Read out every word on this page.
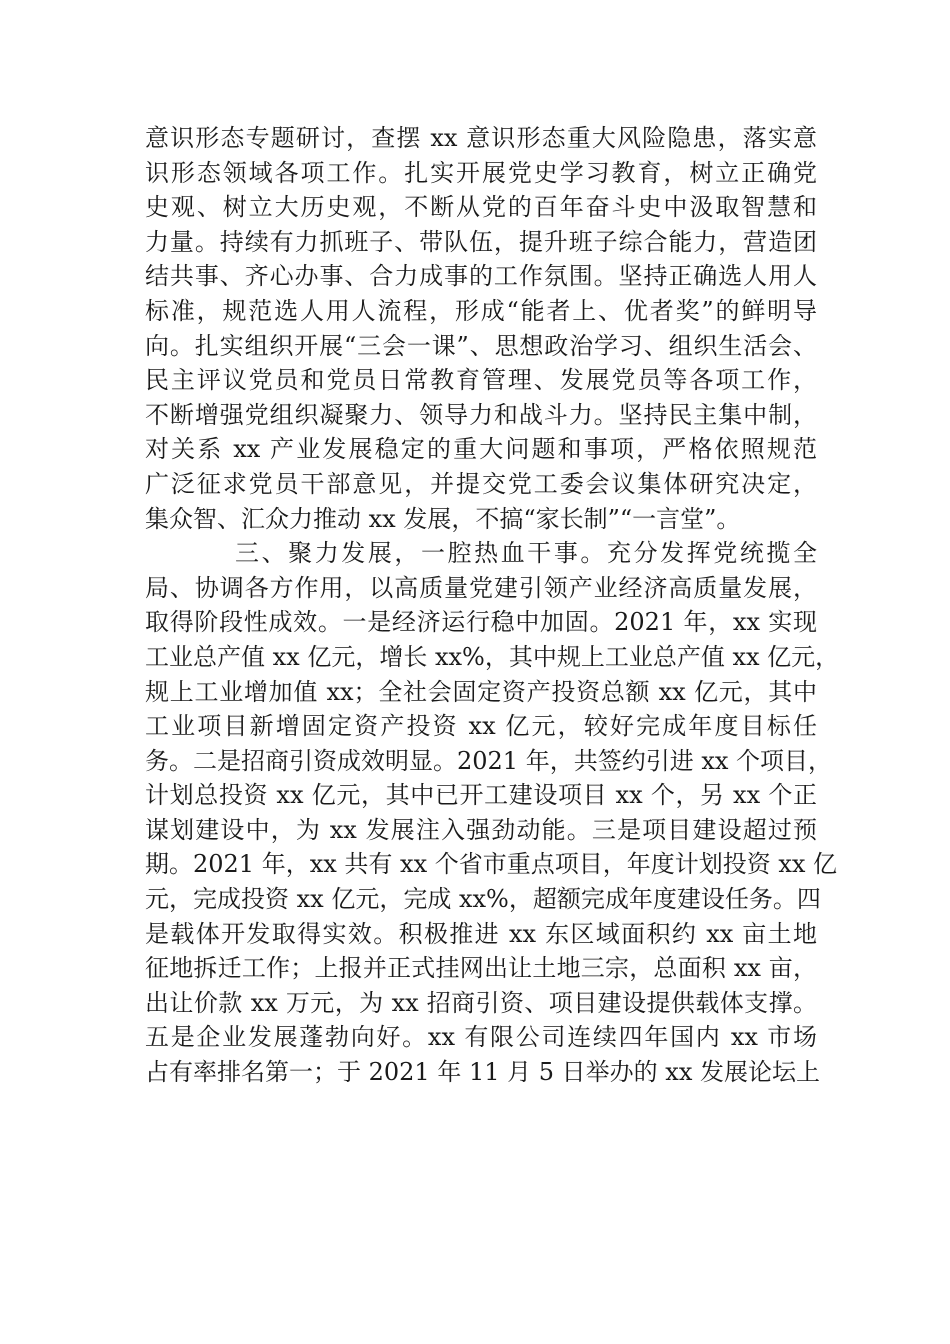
意识形态专题研讨，查摆 xx 意识形态重大风险隐患，落实意
识形态领域各项工作。扎实开展党史学习教育，树立正确党
史观、树立大历史观，不断从党的百年奋斗史中汲取智慧和
力量。持续有力抓班子、带队伍，提升班子综合能力，营造团
结共事、齐心办事、合力成事的工作氛围。坚持正确选人用人
标准，规范选人用人流程，形成“能者上、优者奖”的鲜明导
向。扎实组织开展“三会一课”、思想政治学习、组织生活会、
民主评议党员和党员日常教育管理、发展党员等各项工作，
不断增强党组织凝聚力、领导力和战斗力。坚持民主集中制，
对关系 xx 产业发展稳定的重大问题和事项，严格依照规范
广泛征求党员干部意见，并提交党工委会议集体研究决定，
集众智、汇众力推动 xx 发展，不搞“家长制”“一言堂”。
三、聚力发展，一腔热血干事。充分发挥党统揽全
局、协调各方作用，以高质量党建引领产业经济高质量发展，
取得阶段性成效。一是经济运行稳中加固。2021 年，xx 实现
工业总产值 xx 亿元，增长 xx%，其中规上工业总产值 xx 亿元，
规上工业增加值 xx；全社会固定资产投资总额 xx 亿元，其中
工业项目新增固定资产投资 xx 亿元，较好完成年度目标任
务。二是招商引资成效明显。2021 年，共签约引进 xx 个项目，
计划总投资 xx 亿元，其中已开工建设项目 xx 个，另 xx 个正
谋划建设中，为 xx 发展注入强劲动能。三是项目建设超过预
期。2021 年，xx 共有 xx 个省市重点项目，年度计划投资 xx 亿
元，完成投资 xx 亿元，完成 xx%，超额完成年度建设任务。四
是载体开发取得实效。积极推进 xx 东区域面积约 xx 亩土地
征地拆迁工作；上报并正式挂网出让土地三宗，总面积 xx 亩，
出让价款 xx 万元，为 xx 招商引资、项目建设提供载体支撑。
五是企业发展蓬勃向好。xx 有限公司连续四年国内 xx 市场
占有率排名第一；于 2021 年 11 月 5 日举办的 xx 发展论坛上
